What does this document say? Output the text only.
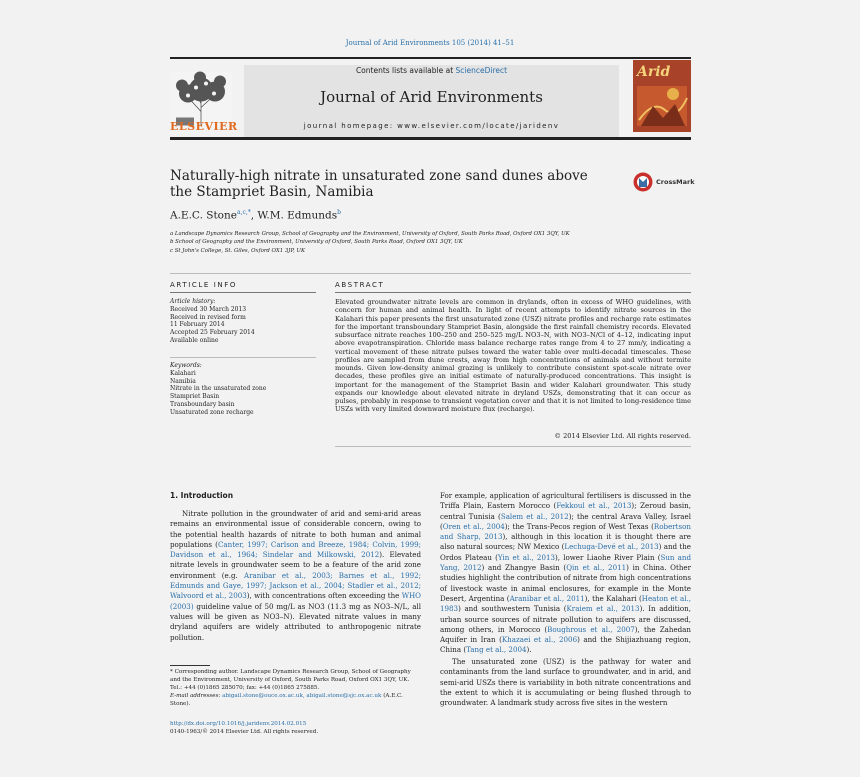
Journal of Arid Environments 105 (2014) 41–51
ELSEVIER
Contents lists available at ScienceDirect
Journal of Arid Environments
journal homepage: www.elsevier.com/locate/jaridenv
Arid
Naturally-high nitrate in unsaturated zone sand dunes above the Stampriet Basin, Namibia
CrossMark
A.E.C. Stone$^{a,c,*}$, W.M. Edmunds$^b$
a Landscape Dynamics Research Group, School of Geography and the Environment, University of Oxford, South Parks Road, Oxford OX1 3QY, UK
b School of Geography and the Environment, University of Oxford, South Parks Road, Oxford OX1 3QY, UK
c St John's College, St. Giles, Oxford OX1 3JP, UK
ARTICLE INFO
Article history:
Received 30 March 2013
Received in revised form
11 February 2014
Accepted 25 February 2014
Available online
Keywords:
Kalahari
Namibia
Nitrate in the unsaturated zone
Stampriet Basin
Transboundary basin
Unsaturated zone recharge
ABSTRACT
Elevated groundwater nitrate levels are common in drylands, often in excess of WHO guidelines, with concern for human and animal health. In light of recent attempts to identify nitrate sources in the Kalahari this paper presents the first unsaturated zone (USZ) nitrate profiles and recharge rate estimates for the important transboundary Stampriet Basin, alongside the first rainfall chemistry records. Elevated subsurface nitrate reaches 100–250 and 250–525 mg/L NO3–N, with NO3–N/Cl of 4–12, indicating input above evapotranspiration. Chloride mass balance recharge rates range from 4 to 27 mm/y, indicating a vertical movement of these nitrate pulses toward the water table over multi-decadal timescales. These profiles are sampled from dune crests, away from high concentrations of animals and without termite mounds. Given low-density animal grazing is unlikely to contribute consistent spot-scale nitrate over decades, these profiles give an initial estimate of naturally-produced concentrations. This insight is important for the management of the Stampriet Basin and wider Kalahari groundwater. This study expands our knowledge about elevated nitrate in dryland USZs, demonstrating that it can occur as pulses, probably in response to transient vegetation cover and that it is not limited to long-residence time USZs with very limited downward moisture flux (recharge).
© 2014 Elsevier Ltd. All rights reserved.
1. Introduction
Nitrate pollution in the groundwater of arid and semi-arid areas remains an environmental issue of considerable concern, owing to the potential health hazards of nitrate to both human and animal populations (Canter, 1997; Carlson and Breeze, 1984; Colvin, 1999; Davidson et al., 1964; Sindelar and Milkowski, 2012). Elevated nitrate levels in groundwater seem to be a feature of the arid zone environment (e.g. Aranibar et al., 2003; Barnes et al., 1992; Edmunds and Gaye, 1997; Jackson et al., 2004; Stadler et al., 2012; Walvoord et al., 2003), with concentrations often exceeding the WHO (2003) guideline value of 50 mg/L as NO3 (11.3 mg as NO3–N/L, all values will be given as NO3–N). Elevated nitrate values in many dryland aquifers are widely attributed to anthropogenic nitrate pollution.
For example, application of agricultural fertilisers is discussed in the Triffa Plain, Eastern Morocco (Fekkoul et al., 2013); Zeroud basin, central Tunisia (Salem et al., 2012); the central Arava Valley, Israel (Oren et al., 2004); the Trans-Pecos region of West Texas (Robertson and Sharp, 2013), although in this location it is thought there are also natural sources; NW Mexico (Lechuga-Devé et al., 2013) and the Ordos Plateau (Yin et al., 2013), lower Liaohe River Plain (Sun and Yang, 2012) and Zhangye Basin (Qin et al., 2011) in China. Other studies highlight the contribution of nitrate from high concentrations of livestock waste in animal enclosures, for example in the Monte Desert, Argentina (Aranibar et al., 2011), the Kalahari (Heaton et al., 1983) and southwestern Tunisia (Kraiem et al., 2013). In addition, urban source sources of nitrate pollution to aquifers are discussed, among others, in Morocco (Boughrous et al., 2007), the Zahedan Aquifer in Iran (Khazaei et al., 2006) and the Shijiazhuang region, China (Tang et al., 2004).
The unsaturated zone (USZ) is the pathway for water and contaminants from the land surface to groundwater, and in arid, and semi-arid USZs there is variability in both nitrate concentrations and the extent to which it is accumulating or being flushed through to groundwater. A landmark study across five sites in the western
* Corresponding author. Landscape Dynamics Research Group, School of Geography and the Environment, University of Oxford, South Parks Road, Oxford OX1 3QY, UK. Tel.: +44 (0)1865 285070; fax: +44 (0)1865 275885.
E-mail addresses: abigail.stone@ouce.ox.ac.uk, abigail.stone@sjc.ox.ac.uk (A.E.C. Stone).
http://dx.doi.org/10.1016/j.jaridenv.2014.02.015
0140-1963/© 2014 Elsevier Ltd. All rights reserved.
